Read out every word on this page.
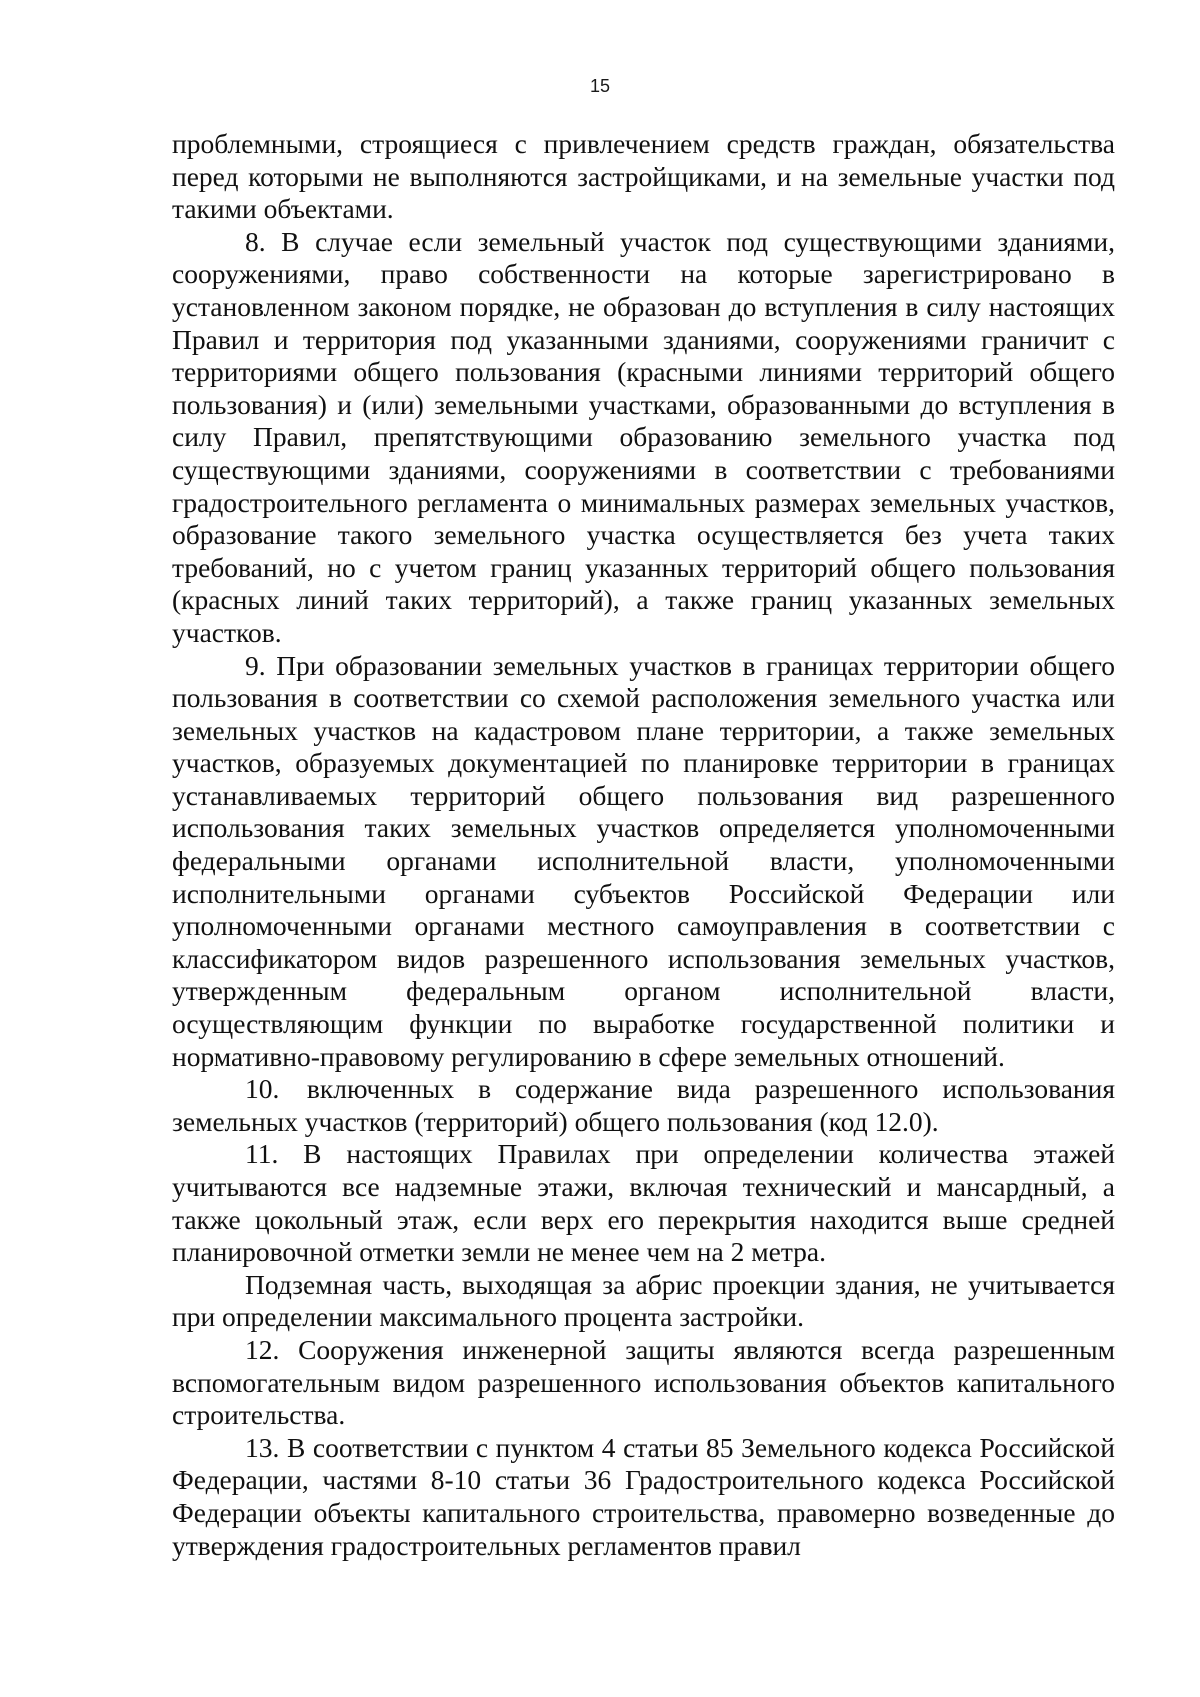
15

проблемными, строящиеся с привлечением средств граждан, обязательства перед которыми не выполняются застройщиками, и на земельные участки под такими объектами.

8. В случае если земельный участок под существующими зданиями, сооружениями, право собственности на которые зарегистрировано в установленном законом порядке, не образован до вступления в силу настоящих Правил и территория под указанными зданиями, сооружениями граничит с территориями общего пользования (красными линиями территорий общего пользования) и (или) земельными участками, образованными до вступления в силу Правил, препятствующими образованию земельного участка под существующими зданиями, сооружениями в соответствии с требованиями градостроительного регламента о минимальных размерах земельных участков, образование такого земельного участка осуществляется без учета таких требований, но с учетом границ указанных территорий общего пользования (красных линий таких территорий), а также границ указанных земельных участков.

9. При образовании земельных участков в границах территории общего пользования в соответствии со схемой расположения земельного участка или земельных участков на кадастровом плане территории, а также земельных участков, образуемых документацией по планировке территории в границах устанавливаемых территорий общего пользования вид разрешенного использования таких земельных участков определяется уполномоченными федеральными органами исполнительной власти, уполномоченными исполнительными органами субъектов Российской Федерации или уполномоченными органами местного самоуправления в соответствии с классификатором видов разрешенного использования земельных участков, утвержденным федеральным органом исполнительной власти, осуществляющим функции по выработке государственной политики и нормативно-правовому регулированию в сфере земельных отношений.

10. включенных в содержание вида разрешенного использования земельных участков (территорий) общего пользования (код 12.0).

11. В настоящих Правилах при определении количества этажей учитываются все надземные этажи, включая технический и мансардный, а также цокольный этаж, если верх его перекрытия находится выше средней планировочной отметки земли не менее чем на 2 метра.

Подземная часть, выходящая за абрис проекции здания, не учитывается при определении максимального процента застройки.

12. Сооружения инженерной защиты являются всегда разрешенным вспомогательным видом разрешенного использования объектов капитального строительства.

13. В соответствии с пунктом 4 статьи 85 Земельного кодекса Российской Федерации, частями 8-10 статьи 36 Градостроительного кодекса Российской Федерации объекты капитального строительства, правомерно возведенные до утверждения градостроительных регламентов правил
